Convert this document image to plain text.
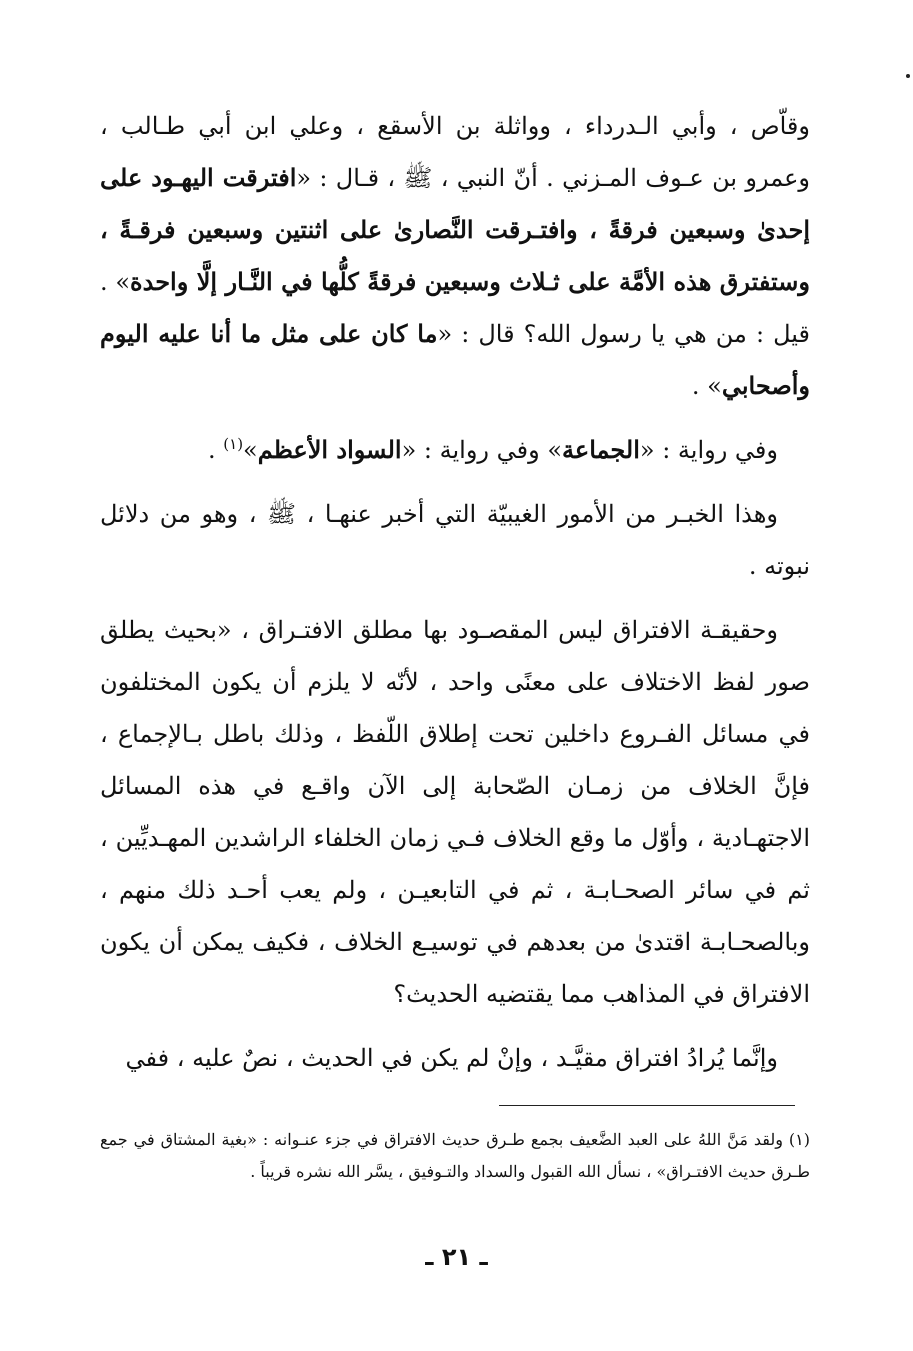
وقاّص ، وأبي الـدرداء ، وواثلة بن الأسقع ، وعلي ابن أبي طـالب ، وعمرو بن عـوف المـزني . أنّ النبي ، ﷺ ، قـال : «افترقت اليهـود على إحدىٰ وسبعين فرقةً ، وافتـرقت النَّصارىٰ على اثنتين وسبعين فرقـةً ، وستفترق هذه الأمَّة على ثـلاث وسبعين فرقةً كلُّها في النَّـار إلَّا واحدة» . قيل : من هي يا رسول الله؟ قال : «ما كان على مثل ما أنا عليه اليوم وأصحابي» .

وفي رواية : «الجماعة» وفي رواية : «السواد الأعظم»$^{(١)}$ .

وهذا الخبـر من الأمور الغيبيّة التي أخبر عنهـا ، ﷺ ، وهو من دلائل نبوته .

وحقيقـة الافتراق ليس المقصـود بها مطلق الافتـراق ، «بحيث يطلق صور لفظ الاختلاف على معنًى واحد ، لأنّه لا يلزم أن يكون المختلفون في مسائل الفـروع داخلين تحت إطلاق اللّفظ ، وذلك باطل بـالإجماع ، فإنَّ الخلاف من زمـان الصّحابة إلى الآن واقـع في هذه المسائل الاجتهـادية ، وأوّل ما وقع الخلاف فـي زمان الخلفاء الراشدين المهـديِّين ، ثم في سائر الصحـابـة ، ثم في التابعيـن ، ولم يعب أحـد ذلك منهم ، وبالصحـابـة اقتدىٰ من بعدهم في توسيـع الخلاف ، فكيف يمكن أن يكون الافتراق في المذاهب مما يقتضيه الحديث؟

وإنَّما يُرادُ افتراق مقيَّـد ، وإنْ لم يكن في الحديث ، نصٌ عليه ، ففي

(١) ولقد مَنَّ اللهُ على العبد الضَّعيف بجمع طـرق حديث الافتراق في جزء عنـوانه : «بغية المشتاق في جمع طـرق حديث الافتـراق» ، نسأل الله القبول والسداد والتـوفيق ، يسَّر الله نشره قريباً .

ـ ٢١ ـ
